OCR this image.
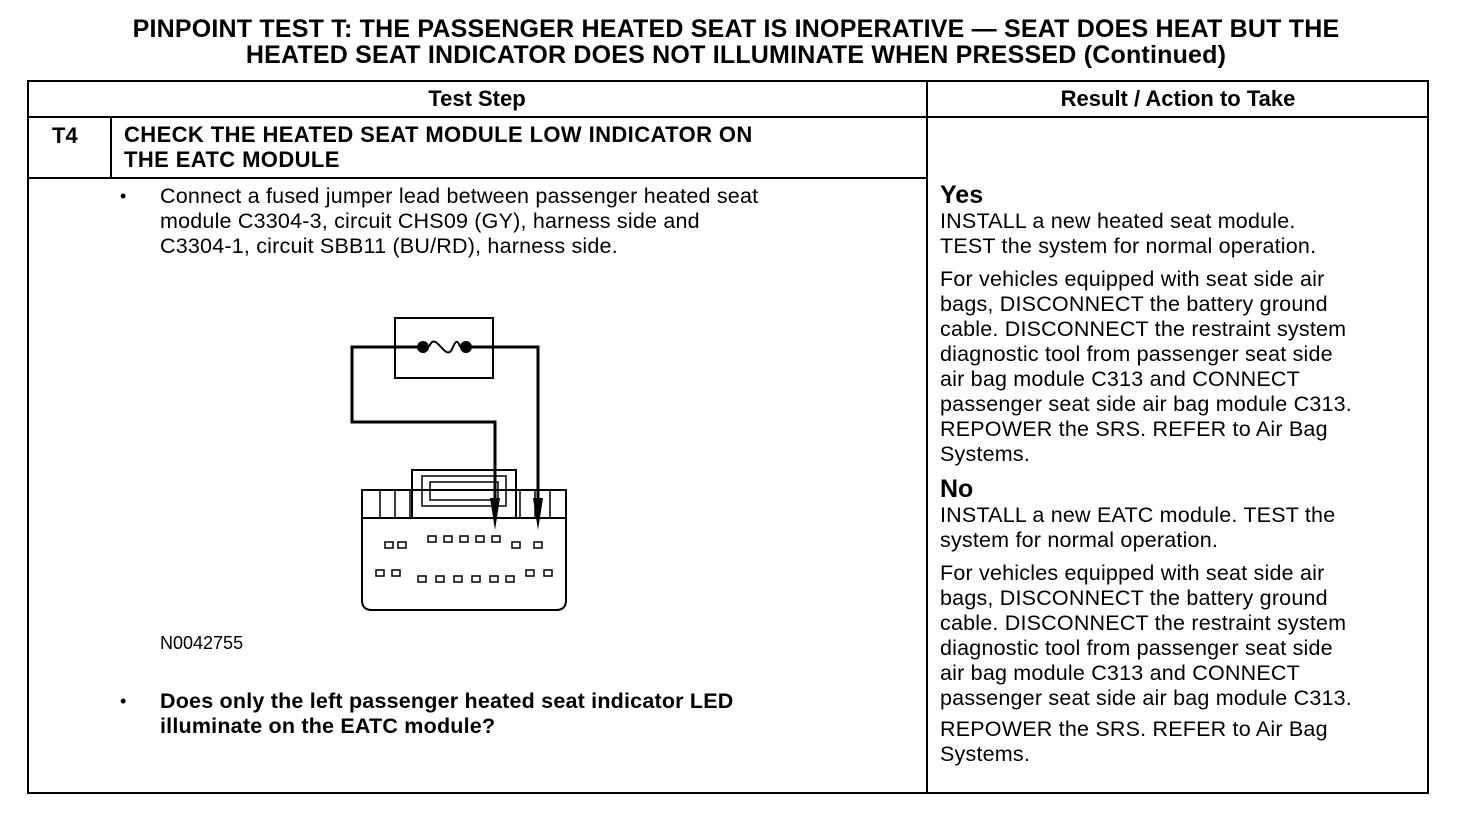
PINPOINT TEST T: THE PASSENGER HEATED SEAT IS INOPERATIVE — SEAT DOES HEAT BUT THE
HEATED SEAT INDICATOR DOES NOT ILLUMINATE WHEN PRESSED (Continued)
Test Step	Result / Action to Take
T4 CHECK THE HEATED SEAT MODULE LOW INDICATOR ON
THE EATC MODULE
• Connect a fused jumper lead between passenger heated seat
module C3304-3, circuit CHS09 (GY), harness side and
C3304-1, circuit SBB11 (BU/RD), harness side.
N0042755
• Does only the left passenger heated seat indicator LED
illuminate on the EATC module?
Yes
INSTALL a new heated seat module.
TEST the system for normal operation.
For vehicles equipped with seat side air
bags, DISCONNECT the battery ground
cable. DISCONNECT the restraint system
diagnostic tool from passenger seat side
air bag module C313 and CONNECT
passenger seat side air bag module C313.
REPOWER the SRS. REFER to Air Bag
Systems.
No
INSTALL a new EATC module. TEST the
system for normal operation.
For vehicles equipped with seat side air
bags, DISCONNECT the battery ground
cable. DISCONNECT the restraint system
diagnostic tool from passenger seat side
air bag module C313 and CONNECT
passenger seat side air bag module C313.
REPOWER the SRS. REFER to Air Bag
Systems.
